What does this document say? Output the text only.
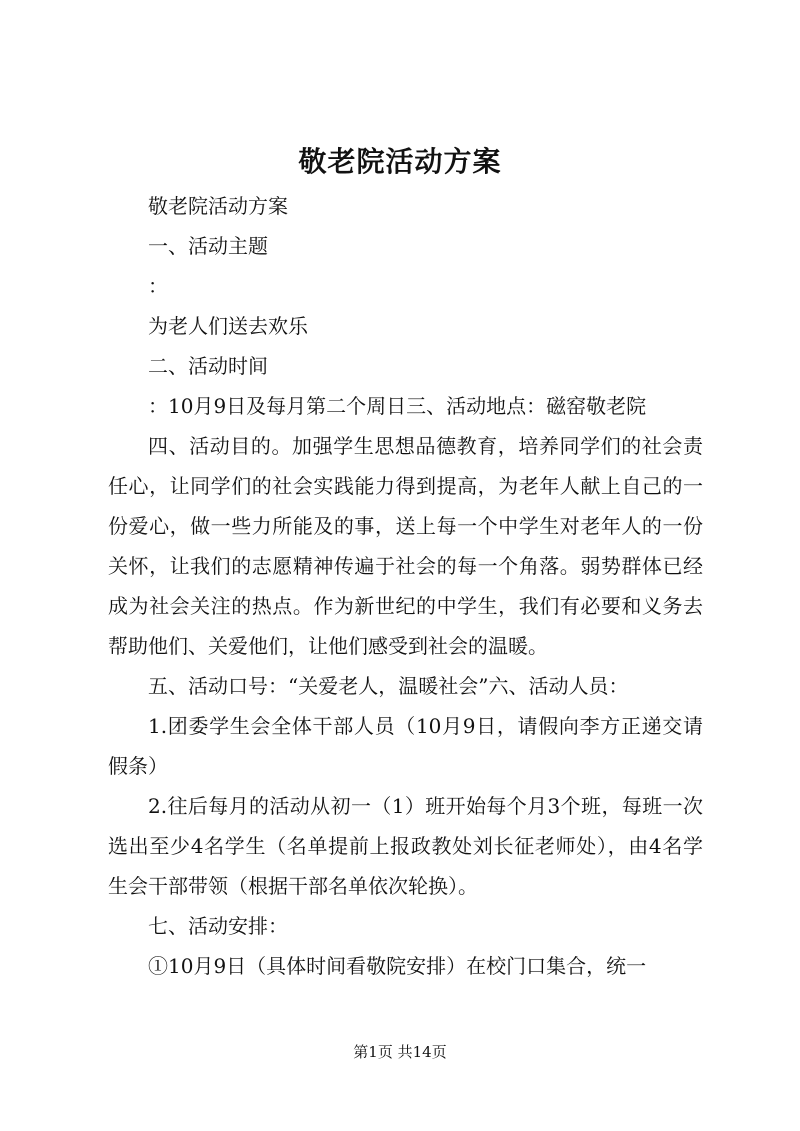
敬老院活动方案

敬老院活动方案

一、活动主题

：

为老人们送去欢乐

二、活动时间

：10月9日及每月第二个周日三、活动地点：磁窑敬老院

四、活动目的。加强学生思想品德教育，培养同学们的社会责任心，让同学们的社会实践能力得到提高，为老年人献上自己的一份爱心，做一些力所能及的事，送上每一个中学生对老年人的一份关怀，让我们的志愿精神传遍于社会的每一个角落。弱势群体已经成为社会关注的热点。作为新世纪的中学生，我们有必要和义务去帮助他们、关爱他们，让他们感受到社会的温暖。

五、活动口号：“关爱老人，温暖社会”六、活动人员：

1.团委学生会全体干部人员（10月9日，请假向李方正递交请假条）

2.往后每月的活动从初一（1）班开始每个月3个班，每班一次选出至少4名学生（名单提前上报政教处刘长征老师处），由4名学生会干部带领（根据干部名单依次轮换）。

七、活动安排：

①10月9日（具体时间看敬院安排）在校门口集合，统一

第1页 共14页
